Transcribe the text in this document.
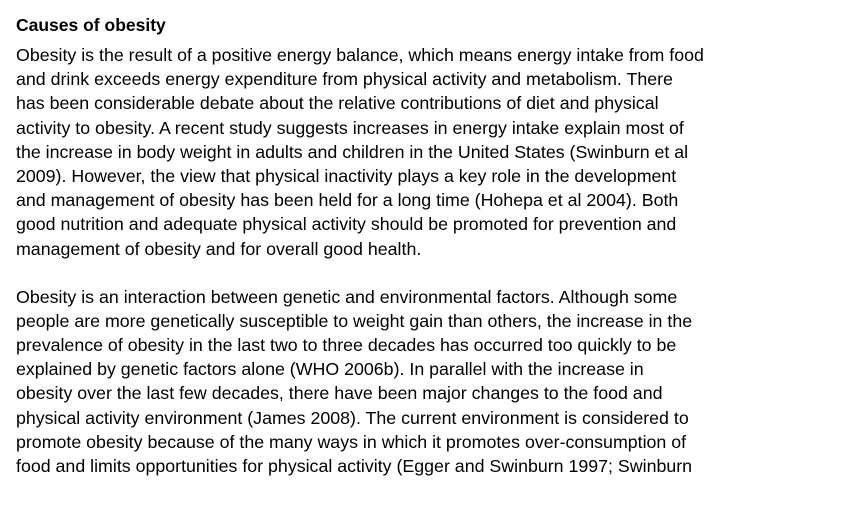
Causes of obesity
Obesity is the result of a positive energy balance, which means energy intake from food
and drink exceeds energy expenditure from physical activity and metabolism. There
has been considerable debate about the relative contributions of diet and physical
activity to obesity. A recent study suggests increases in energy intake explain most of
the increase in body weight in adults and children in the United States (Swinburn et al
2009). However, the view that physical inactivity plays a key role in the development
and management of obesity has been held for a long time (Hohepa et al 2004). Both
good nutrition and adequate physical activity should be promoted for prevention and
management of obesity and for overall good health.
Obesity is an interaction between genetic and environmental factors. Although some
people are more genetically susceptible to weight gain than others, the increase in the
prevalence of obesity in the last two to three decades has occurred too quickly to be
explained by genetic factors alone (WHO 2006b). In parallel with the increase in
obesity over the last few decades, there have been major changes to the food and
physical activity environment (James 2008). The current environment is considered to
promote obesity because of the many ways in which it promotes over-consumption of
food and limits opportunities for physical activity (Egger and Swinburn 1997; Swinburn
